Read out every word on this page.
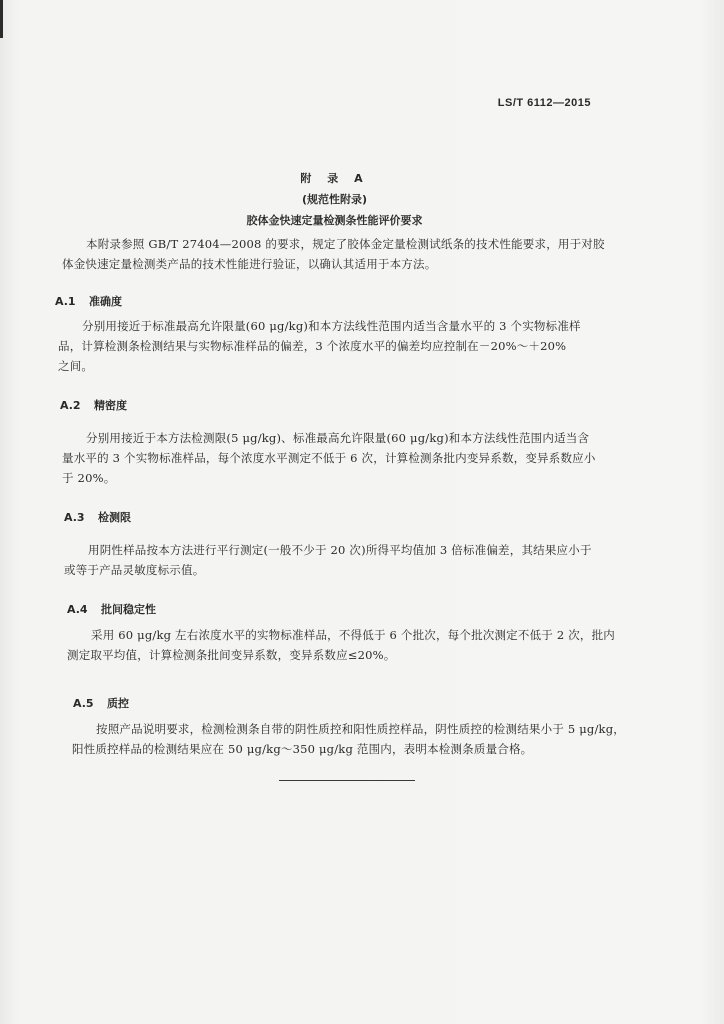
LS/T 6112—2015
附 录 A
(规范性附录)
胶体金快速定量检测条性能评价要求
本附录参照 GB/T 27404—2008 的要求，规定了胶体金定量检测试纸条的技术性能要求，用于对胶
体金快速定量检测类产品的技术性能进行验证，以确认其适用于本方法。
A.1 准确度
分别用接近于标准最高允许限量(60 μg/kg)和本方法线性范围内适当含量水平的 3 个实物标准样
品，计算检测条检测结果与实物标准样品的偏差，3 个浓度水平的偏差均应控制在－20%～＋20%
之间。
A.2 精密度
分别用接近于本方法检测限(5 μg/kg)、标准最高允许限量(60 μg/kg)和本方法线性范围内适当含
量水平的 3 个实物标准样品，每个浓度水平测定不低于 6 次，计算检测条批内变异系数，变异系数应小
于 20%。
A.3 检测限
用阴性样品按本方法进行平行测定(一般不少于 20 次)所得平均值加 3 倍标准偏差，其结果应小于
或等于产品灵敏度标示值。
A.4 批间稳定性
采用 60 μg/kg 左右浓度水平的实物标准样品，不得低于 6 个批次，每个批次测定不低于 2 次，批内
测定取平均值，计算检测条批间变异系数，变异系数应≤20%。
A.5 质控
按照产品说明要求，检测检测条自带的阴性质控和阳性质控样品，阴性质控的检测结果小于 5 μg/kg，
阳性质控样品的检测结果应在 50 μg/kg～350 μg/kg 范围内，表明本检测条质量合格。
